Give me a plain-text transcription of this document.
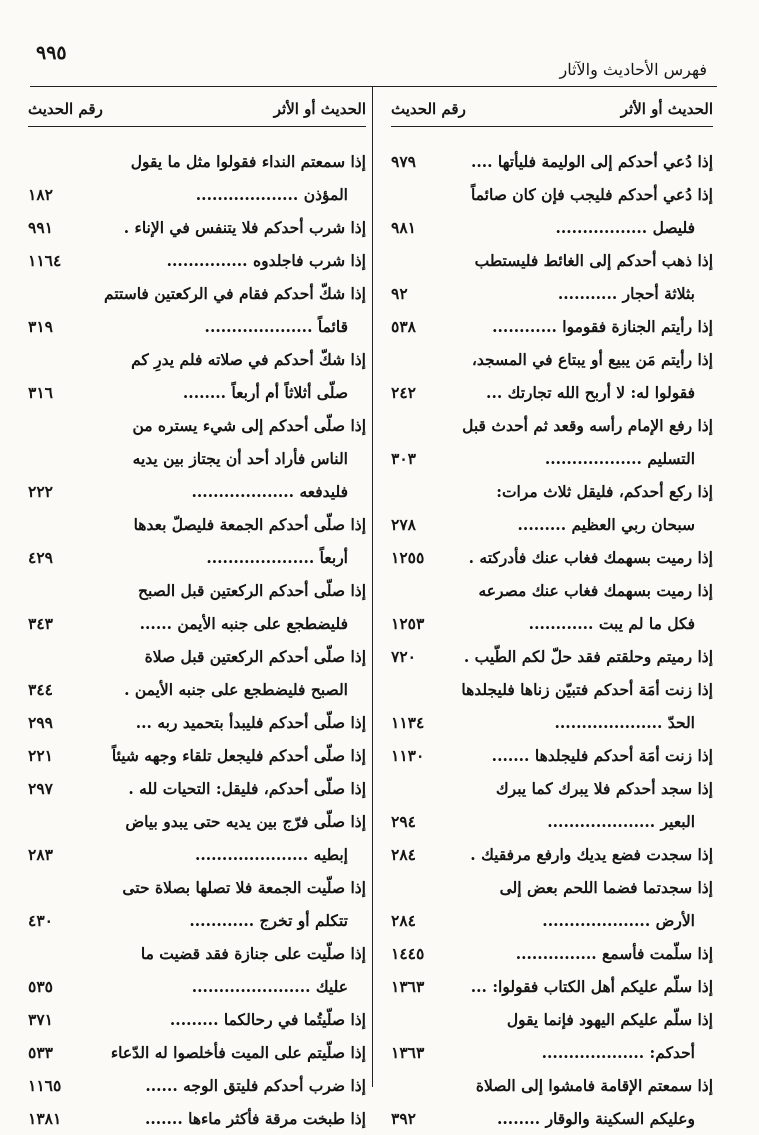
٩٩٥
فهرس الأحاديث والآثار
الحديث أو الأثر
رقم الحديث
إذا دُعي أحدكم إلى الوليمة فليأتها ....
٩٧٩
إذا دُعي أحدكم فليجب فإن كان صائماً
فليصل .................
٩٨١
إذا ذهب أحدكم إلى الغائط فليستطب
بثلاثة أحجار ...........
٩٢
إذا رأيتم الجنازة فقوموا ............
٥٣٨
إذا رأيتم مَن يبيع أو يبتاع في المسجد،
فقولوا له: لا أربح الله تجارتك ...
٢٤٢
إذا رفع الإمام رأسه وقعد ثم أحدث قبل
التسليم ..................
٣٠٣
إذا ركع أحدكم، فليقل ثلاث مرات:
سبحان ربي العظيم .........
٢٧٨
إذا رميت بسهمك فغاب عنك فأدركته .
١٢٥٥
إذا رميت بسهمك فغاب عنك مصرعه
فكل ما لم يبت ............
١٢٥٣
إذا رميتم وحلقتم فقد حلّ لكم الطّيب .
٧٢٠
إذا زنت أمَة أحدكم فتبيّن زناها فليجلدها
الحدّ ....................
١١٣٤
إذا زنت أمَة أحدكم فليجلدها .......
١١٣٠
إذا سجد أحدكم فلا يبرك كما يبرك
البعير ....................
٢٩٤
إذا سجدت فضع يديك وارفع مرفقيك .
٢٨٤
إذا سجدتما فضما اللحم بعض إلى
الأرض ....................
٢٨٤
إذا سلّمت فأسمع ...............
١٤٤٥
إذا سلّم عليكم أهل الكتاب فقولوا: ...
١٣٦٣
إذا سلّم عليكم اليهود فإنما يقول
أحدكم: ...................
١٣٦٣
إذا سمعتم الإقامة فامشوا إلى الصلاة
وعليكم السكينة والوقار ........
٣٩٢
الحديث أو الأثر
رقم الحديث
إذا سمعتم النداء فقولوا مثل ما يقول
المؤذن ...................
١٨٢
إذا شرب أحدكم فلا يتنفس في الإناء .
٩٩١
إذا شرب فاجلدوه ...............
١١٦٤
إذا شكّ أحدكم فقام في الركعتين فاستتم
قائماً ....................
٣١٩
إذا شكّ أحدكم في صلاته فلم يدرِ كم
صلّى أثلاثاً أم أربعاً ........
٣١٦
إذا صلّى أحدكم إلى شيء يستره من
الناس فأراد أحد أن يجتاز بين يديه
فليدفعه ...................
٢٢٢
إذا صلّى أحدكم الجمعة فليصلّ بعدها
أربعاً ....................
٤٢٩
إذا صلّى أحدكم الركعتين قبل الصبح
فليضطجع على جنبه الأيمن ......
٣٤٣
إذا صلّى أحدكم الركعتين قبل صلاة
الصبح فليضطجع على جنبه الأيمن .
٣٤٤
إذا صلّى أحدكم فليبدأ بتحميد ربه ...
٢٩٩
إذا صلّى أحدكم فليجعل تلقاء وجهه شيئاً
٢٢١
إذا صلّى أحدكم، فليقل: التحيات لله .
٢٩٧
إذا صلّى فرّج بين يديه حتى يبدو بياض
إبطيه .....................
٢٨٣
إذا صلّيت الجمعة فلا تصلها بصلاة حتى
تتكلم أو تخرج ............
٤٣٠
إذا صلّيت على جنازة فقد قضيت ما
عليك ......................
٥٣٥
إذا صلّيتُما في رحالكما .........
٣٧١
إذا صلّيتم على الميت فأخلصوا له الدّعاء
٥٣٣
إذا ضرب أحدكم فليتق الوجه ......
١١٦٥
إذا طبخت مرقة فأكثر ماءها .......
١٣٨١
